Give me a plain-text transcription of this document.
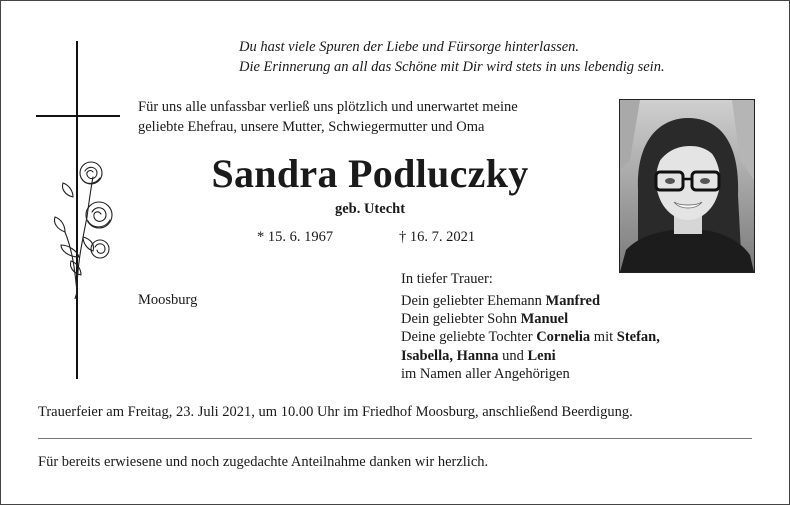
Du hast viele Spuren der Liebe und Fürsorge hinterlassen.
Die Erinnerung an all das Schöne mit Dir wird stets in uns lebendig sein.
Für uns alle unfassbar verließ uns plötzlich und unerwartet meine
geliebte Ehefrau, unsere Mutter, Schwiegermutter und Oma
Sandra Podluczky
geb. Utecht
* 15. 6. 1967	† 16. 7. 2021
In tiefer Trauer:
Moosburg	Dein geliebter Ehemann Manfred
Dein geliebter Sohn Manuel
Deine geliebte Tochter Cornelia mit Stefan,
Isabella, Hanna und Leni
im Namen aller Angehörigen
Trauerfeier am Freitag, 23. Juli 2021, um 10.00 Uhr im Friedhof Moosburg, anschließend Beerdigung.
Für bereits erwiesene und noch zugedachte Anteilnahme danken wir herzlich.
